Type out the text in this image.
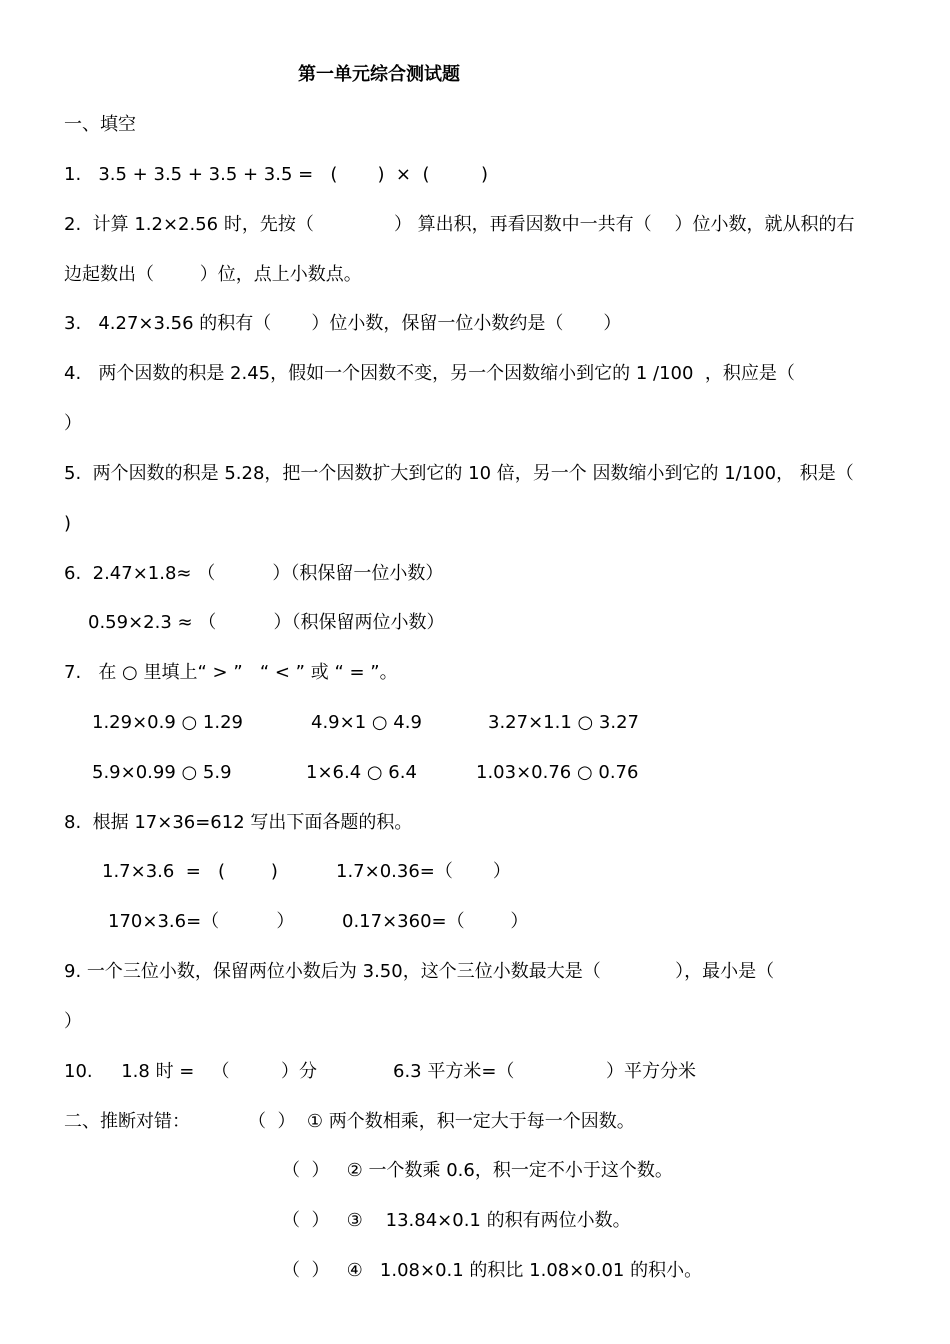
第一单元综合测试题
一、填空
1.   3.5 + 3.5 + 3.5 + 3.5 =   (       )  ×  (         )
2.  计算 1.2×2.56 时，先按（              ） 算出积，再看因数中一共有（    ）位小数，就从积的右
边起数出（        ）位，点上小数点。
3.   4.27×3.56 的积有（       ）位小数，保留一位小数约是（       ）
4.   两个因数的积是 2.45，假如一个因数不变，另一个因数缩小到它的 1 /100  ，积应是（
）
5.  两个因数的积是 5.28，把一个因数扩大到它的 10 倍，另一个 因数缩小到它的 1/100， 积是（
)
6.  2.47×1.8≈ （          ）（积保留一位小数）
0.59×2.3 ≈ （          ）（积保留两位小数）
7.   在 ○ 里填上“ > ”   “ < ” 或 “ = ”。
1.29×0.9 ○ 1.29	4.9×1 ○ 4.9	3.27×1.1 ○ 3.27
5.9×0.99 ○ 5.9	1×6.4 ○ 6.4	1.03×0.76 ○ 0.76
8.  根据 17×36=612 写出下面各题的积。
1.7×3.6  =   (        )	1.7×0.36=（       ）
170×3.6=（          ）	0.17×360=（        ）
9. 一个三位小数，保留两位小数后为 3.50，这个三位小数最大是（             ），最小是（
）
10.     1.8 时 =   （         ）分	6.3 平方米=（                ）平方分米
二、推断对错：	（  ）  ① 两个数相乘，积一定大于每一个因数。
（  ）   ② 一个数乘 0.6，积一定不小于这个数。
（  ）   ③    13.84×0.1 的积有两位小数。
（  ）   ④   1.08×0.1 的积比 1.08×0.01 的积小。
